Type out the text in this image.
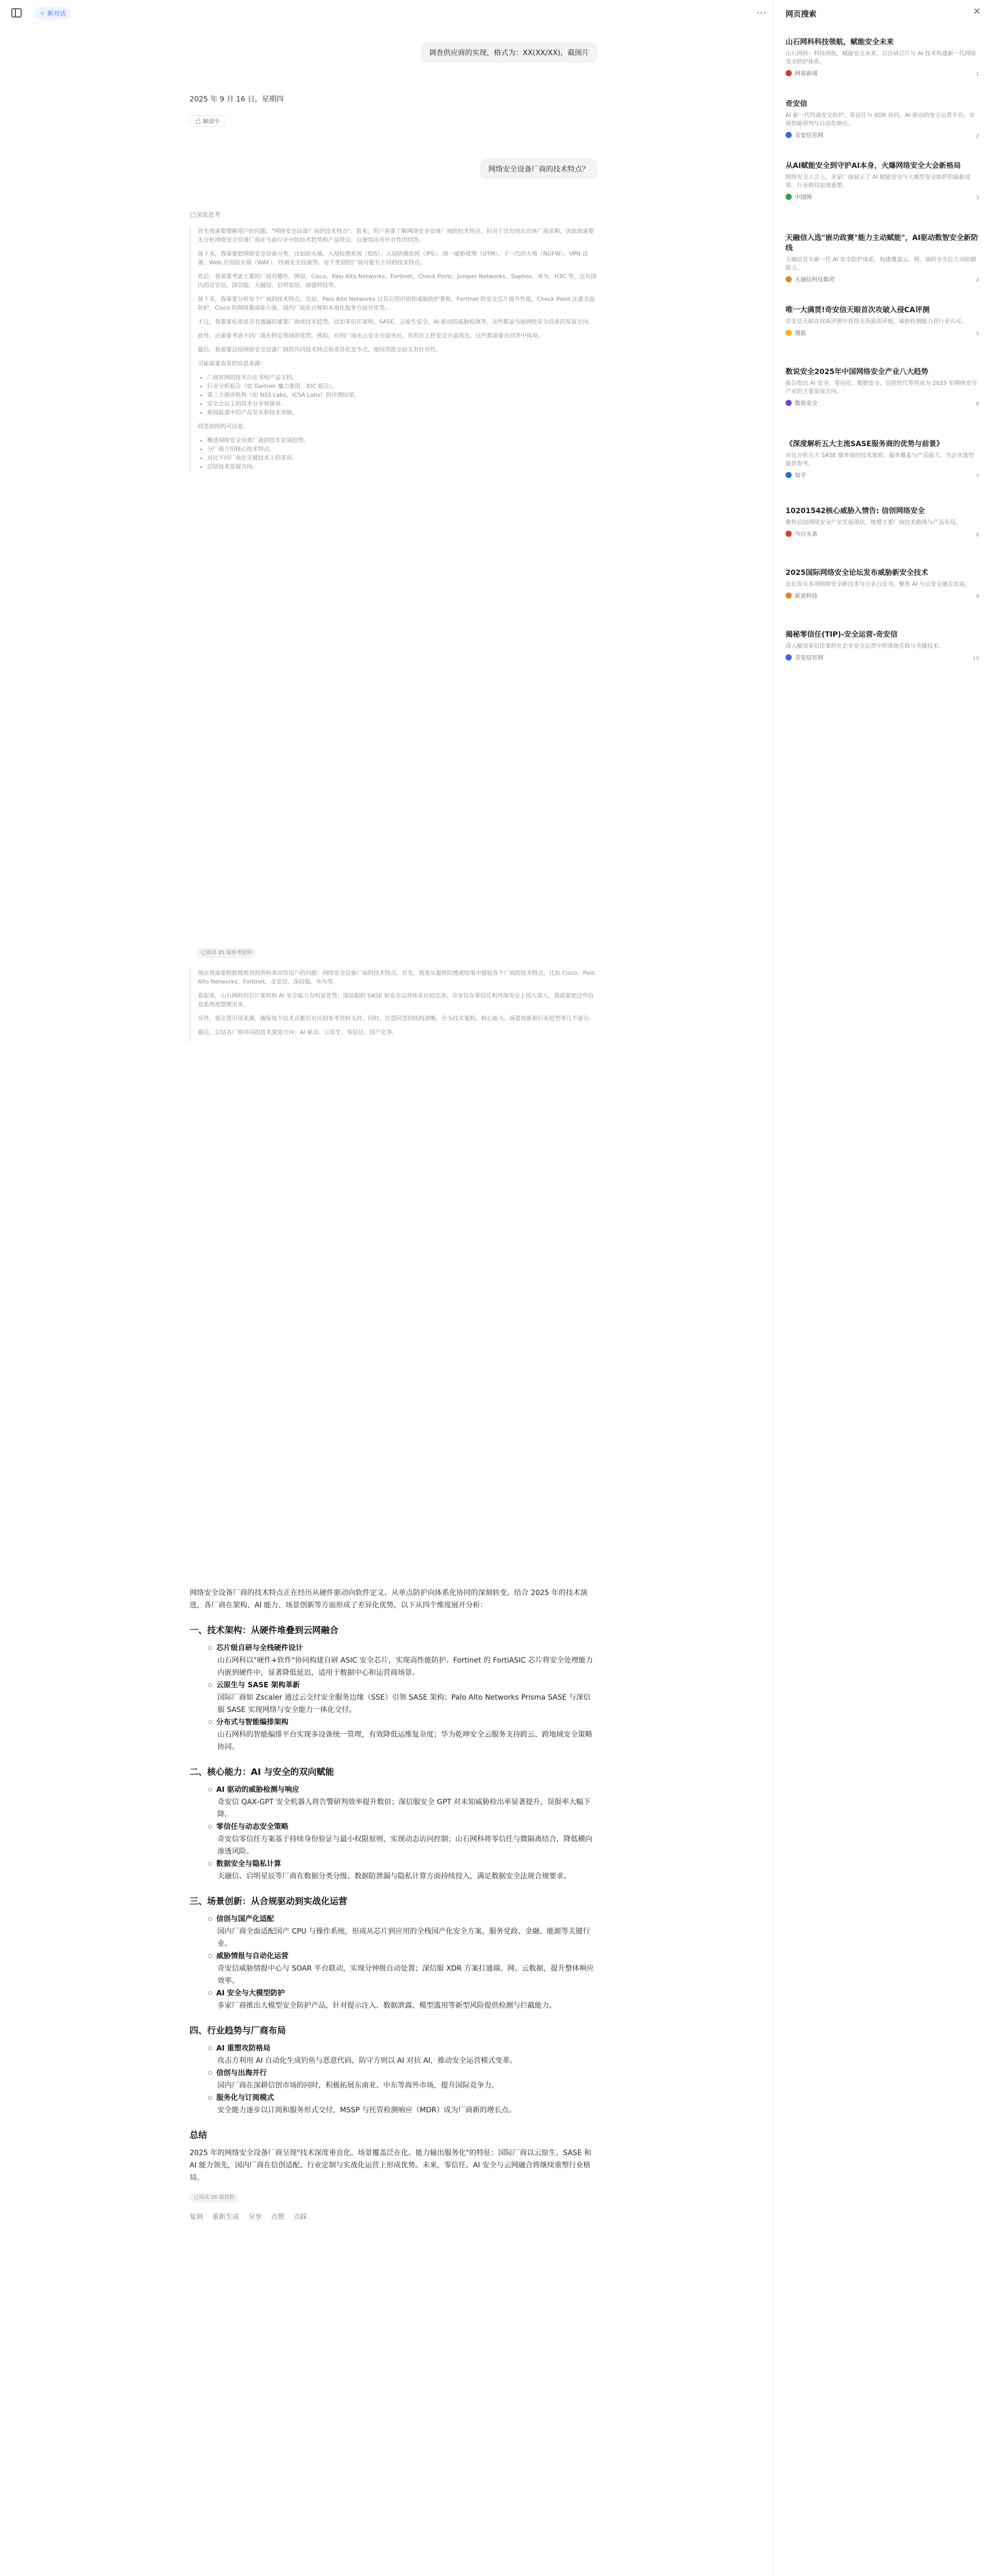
＋ 新对话	⋯
调查供应商的实现，格式为：XX(XX/XX)，截图片
2025 年 9 月 16 日，星期四
已 解读中
网络安全设备厂商的技术特点？
已深度思考

首先我需要理解用户的问题："网络安全设备厂商的技术特点"。看来，用户需要了解网络安全设备厂商的技术特点，但由于没有给出具体厂商名称，因此我需要先分析网络安全设备厂商在当前行业中的技术趋势和产品特点，以便给出有针对性的回答。

接下来，我需要把网络安全设备分类，比如防火墙、入侵检测系统（IDS）、入侵防御系统（IPS）、统一威胁管理（UTM）、下一代防火墙（NGFW）、VPN 设备、Web 应用防火墙（WAF）、终端安全设备等。每个类别的厂商可能有不同的技术特点。

然后，我需要考虑主要的厂商有哪些。例如，Cisco、Palo Alto Networks、Fortinet、Check Point、Juniper Networks、Sophos、华为、H3C 等，还有国内的奇安信、深信服、天融信、启明星辰、绿盟科技等。

接下来，我需要分析每个厂商的技术特点。比如，Palo Alto Networks 以其应用识别和威胁防护著称，Fortinet 的安全芯片提升性能，Check Point 注重全面防护，Cisco 的网络集成能力强，国内厂商在合规和本地化服务方面有优势。

不过，我需要检查是否有遗漏的重要厂商或技术趋势。比如零信任架构、SASE、云原生安全、AI 驱动的威胁检测等，这些都是当前网络安全设备的发展方向。

此外，还需要考虑不同厂商在特定领域的优势。例如，有的厂商在云安全方面突出，有的在工控安全方面领先。这些都需要在回答中体现。

最后，我需要总结网络安全设备厂商的共同技术特点和差异化竞争点，使回答既全面又有针对性。

可能需要查看的信息来源：

• 厂商官网的技术白皮书和产品文档。
• 行业分析报告（如 Gartner 魔力象限、IDC 报告）。
• 第三方测评机构（如 NSS Labs、ICSA Labs）的评测结果。
• 安全会议上的技术分享和演讲。
• 新闻报道中的产品发布和技术突破。

回答的结构可以是：

• 概述网络安全设备厂商的技术发展趋势。
• 分厂商介绍核心技术特点。
• 对比不同厂商在关键技术上的差异。
• 总结技术发展方向。
已阅读 35 篇参考资料

现在我需要根据搜索到的资料来回答用户的问题：网络安全设备厂商的技术特点。首先，我要从提供的搜索结果中提取各个厂商的技术特点，比如 Cisco、Palo Alto Networks、Fortinet、奇安信、深信服、华为等。

看起来，山石网科的芯片架构和 AI 安全能力有明显优势；深信服的 SASE 和安全运营体系比较完善；奇安信在零信任和终端安全上投入很大。我需要把这些信息系统地整理出来。

另外，要注意引用来源，确保每个技术点都有对应的参考资料支持。同时，注意回答的结构清晰，分为技术架构、核心能力、场景创新和行业趋势等几个部分。

最后，总结各厂商共同的技术演进方向：AI 驱动、云原生、零信任、国产化等。

网络安全设备厂商的技术特点正在经历从硬件驱动向软件定义、从单点防护向体系化协同的深刻转变。结合 2025 年的技术演进，各厂商在架构、AI 能力、场景创新等方面形成了差异化优势，以下从四个维度展开分析：

一、技术架构：从硬件堆叠到云网融合
○ 芯片级自研与全栈硬件设计
山石网科以"硬件+软件"协同构建自研 ASIC 安全芯片，实现高性能防护。Fortinet 的 FortiASIC 芯片将安全处理能力内嵌到硬件中，显著降低延迟，适用于数据中心和运营商场景。
○ 云原生与 SASE 架构革新
国际厂商如 Zscaler 通过云交付安全服务边缘（SSE）引领 SASE 架构；Palo Alto Networks Prisma SASE 与深信服 SASE 实现网络与安全能力一体化交付。
○ 分布式与智能编排架构
山石网科的智能编排平台实现多设备统一管理，有效降低运维复杂度；华为乾坤安全云服务支持跨云、跨地域安全策略协同。
二、核心能力：AI 与安全的双向赋能
○ AI 驱动的威胁检测与响应
奇安信 QAX-GPT 安全机器人将告警研判效率提升数倍；深信服安全 GPT 对未知威胁检出率显著提升，误报率大幅下降。
○ 零信任与动态安全策略
奇安信零信任方案基于持续身份验证与最小权限原则，实现动态访问控制；山石网科将零信任与微隔离结合，降低横向渗透风险。
○ 数据安全与隐私计算
天融信、启明星辰等厂商在数据分类分级、数据防泄漏与隐私计算方面持续投入，满足数据安全法规合规要求。
三、场景创新：从合规驱动到实战化运营
○ 信创与国产化适配
国内厂商全面适配国产 CPU 与操作系统，形成从芯片到应用的全栈国产化安全方案，服务党政、金融、能源等关键行业。
○ 威胁情报与自动化运营
奇安信威胁情报中心与 SOAR 平台联动，实现分钟级自动处置；深信服 XDR 方案打通端、网、云数据，提升整体响应效率。
○ AI 安全与大模型防护
多家厂商推出大模型安全防护产品，针对提示注入、数据泄露、模型滥用等新型风险提供检测与拦截能力。
四、行业趋势与厂商布局
○ AI 重塑攻防格局
攻击方利用 AI 自动化生成钓鱼与恶意代码，防守方则以 AI 对抗 AI，推动安全运营模式变革。
○ 信创与出海并行
国内厂商在深耕信创市场的同时，积极拓展东南亚、中东等海外市场，提升国际竞争力。
○ 服务化与订阅模式
安全能力逐步以订阅和服务形式交付，MSSP 与托管检测响应（MDR）成为厂商新的增长点。
总结

2025 年的网络安全设备厂商呈现"技术深度垂直化、场景覆盖泛在化、能力输出服务化"的特征：国际厂商以云原生、SASE 和 AI 能力领先，国内厂商在信创适配、行业定制与实战化运营上形成优势。未来，零信任、AI 安全与云网融合将继续重塑行业格局。

已阅读 35 篇资料
复制 重新生成 分享 点赞 点踩
网页搜索	✕
山石网科科技领航，赋能安全未来
山石网科：科技领航，赋能安全未来，以自研芯片与 AI 技术构建新一代网络安全防护体系。
网易新闻	1
奇安信
AI 新一代终端安全防护，零信任与 XDR 协同。AI 驱动的安全运营平台，实现智能研判与自动化响应。
奇安信官网	2
从AI赋能安全到守护AI本身，火爆网络安全大会新格局
网络安全大会上，多家厂商展示了 AI 赋能安全与大模型安全防护的最新成果，行业格局加速重塑。
中国网	3
天融信入选"嵌功政赛"能力主动赋能"，AI驱动数智安全新防线
天融信发布新一代 AI 安全防护体系，构建覆盖云、网、端的全方位主动防御能力。
天融信科技集团	4
唯一大满贯!奇安信天眼首次攻破入侵CA评测
奇安信天眼在权威评测中获得全项最高评级，威胁检测能力获行业认可。
搜狐	5
数说安全2025年中国网络安全产业八大趋势
报告指出 AI 安全、零信任、数据安全、信创替代等将成为 2025 年网络安全产业的主要发展方向。
数说安全	6
《深度解析五大主流SASE服务商的优势与前景》
对比分析五大 SASE 服务商的技术架构、服务覆盖与产品能力，为企业选型提供参考。
知乎	7
10201542核心威胁入情告: 信创网络安全
聚焦信创网络安全产业发展现状，梳理主要厂商技术路线与产品布局。
今日头条	8
2025国际网络安全论坛发布威胁新安全技术
论坛发布多项网络安全新技术与行业白皮书，聚焦 AI 与云安全融合发展。
新浪科技	9
揭秘零信任(TIP)-安全运营-奇安信
深入解读零信任架构在企业安全运营中的落地实践与关键技术。
奇安信官网	10
